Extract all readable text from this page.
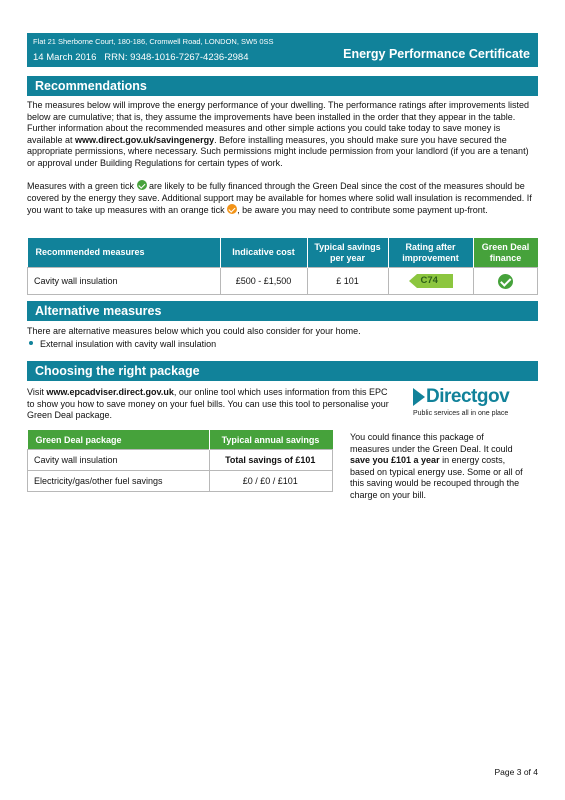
Flat 21 Sherborne Court, 180-186, Cromwell Road, LONDON, SW5 0SS
14 March 2016 RRN: 9348-1016-7267-4236-2984	Energy Performance Certificate
Recommendations
The measures below will improve the energy performance of your dwelling. The performance ratings after improvements listed below are cumulative; that is, they assume the improvements have been installed in the order that they appear in the table. Further information about the recommended measures and other simple actions you could take today to save money is available at www.direct.gov.uk/savingenergy. Before installing measures, you should make sure you have secured the appropriate permissions, where necessary. Such permissions might include permission from your landlord (if you are a tenant) or approval under Building Regulations for certain types of work.
Measures with a green tick  are likely to be fully financed through the Green Deal since the cost of the measures should be covered by the energy they save. Additional support may be available for homes where solid wall insulation is recommended. If you want to take up measures with an orange tick , be aware you may need to contribute some payment up-front.
Recommended measures	Indicative cost	Typical savings per year	Rating after improvement	Green Deal finance
Cavity wall insulation	£500 - £1,500	£ 101	C74	

Alternative measures
There are alternative measures below which you could also consider for your home.
External insulation with cavity wall insulation
Choosing the right package
Visit www.epcadviser.direct.gov.uk, our online tool which uses information from this EPC to show you how to save money on your fuel bills. You can use this tool to personalise your Green Deal package.
Directgov
Public services all in one place
Green Deal package	Typical annual savings
Cavity wall insulation	Total savings of £101
Electricity/gas/other fuel savings	£0 / £0 / £101
You could finance this package of measures under the Green Deal. It could save you £101 a year in energy costs, based on typical energy use. Some or all of this saving would be recouped through the charge on your bill.
Page 3 of 4
